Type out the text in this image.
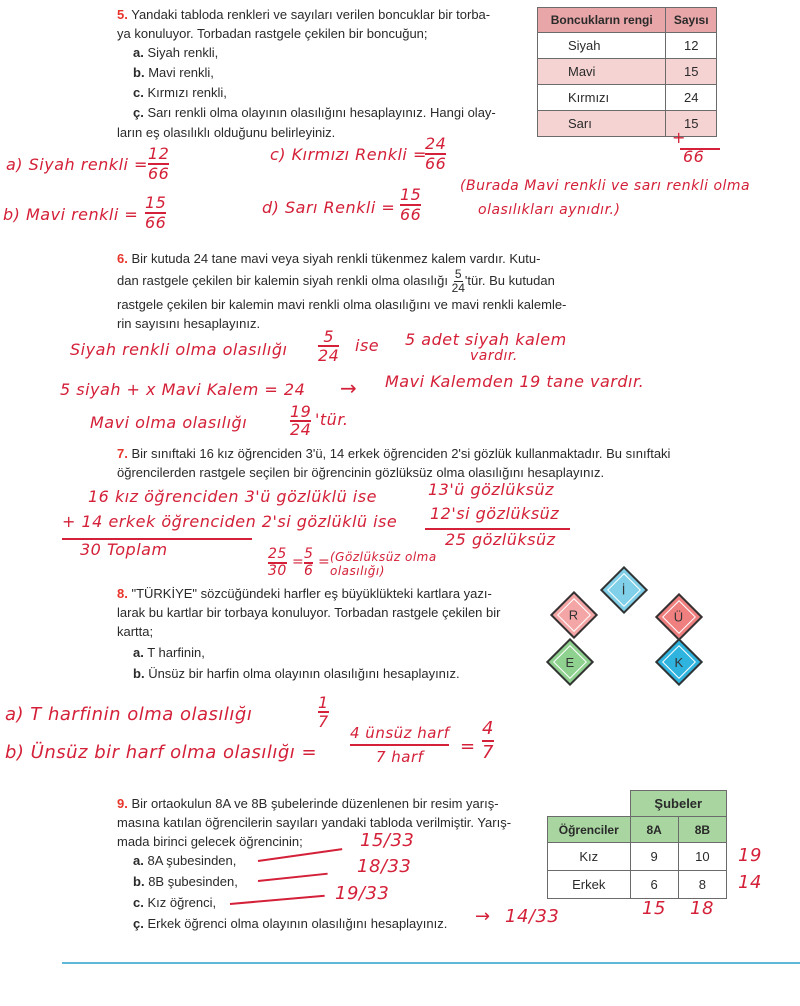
5. Yandaki tabloda renkleri ve sayıları verilen boncuklar bir torba-
ya konuluyor. Torbadan rastgele çekilen bir boncuğun;
a. Siyah renkli,
b. Mavi renkli,
c. Kırmızı renkli,
ç. Sarı renkli olma olayının olasılığını hesaplayınız. Hangi olay-
ların eş olasılıklı olduğunu belirleyiniz.
Boncukların rengi	Sayısı
Siyah	12
Mavi	15
Kırmızı	24
Sarı	15
+
66
a) Siyah renkli =
12
66
c) Kırmızı Renkli =
24
66
b) Mavi renkli =
15
66
d) Sarı Renkli =
15
66
(Burada Mavi renkli ve sarı renkli olma
olasılıkları aynıdır.)
6. Bir kutuda 24 tane mavi veya siyah renkli tükenmez kalem vardır. Kutu-
dan rastgele çekilen bir kalemin siyah renkli olma olasılığı $\frac{5}{24}$ 'tür. Bu kutudan
rastgele çekilen bir kalemin mavi renkli olma olasılığını ve mavi renkli kalemle-
rin sayısını hesaplayınız.
Siyah renkli olma olasılığı
5
24
ise 5 adet siyah kalem
vardır.
5 siyah + x Mavi Kalem = 24 → Mavi Kalemden 19 tane vardır.
Mavi olma olasılığı
19
24
'tür.
7. Bir sınıftaki 16 kız öğrenciden 3'ü, 14 erkek öğrenciden 2'si gözlük kullanmaktadır. Bu sınıftaki
öğrencilerden rastgele seçilen bir öğrencinin gözlüksüz olma olasılığını hesaplayınız.
16 kız öğrenciden 3'ü gözlüklü ise	13'ü gözlüksüz
+ 14 erkek öğrenciden 2'si gözlüklü ise 12'si gözlüksüz
30 Toplam
25 gözlüksüz
25
30
= 5
6
= (Gözlüksüz olma olasılığı)
8. "TÜRKİYE" sözcüğündeki harfler eş büyüklükteki kartlara yazı-
larak bu kartlar bir torbaya konuluyor. Torbadan rastgele çekilen bir
kartta;
a. T harfinin,
b. Ünsüz bir harfin olma olayının olasılığını hesaplayınız.
R
İ
Ü
E	K
a) T harfinin olma olasılığı
1
7
b) Ünsüz bir harf olma olasılığı =
4 ünsüz harf
7 harf	=
4
7
9. Bir ortaokulun 8A ve 8B şubelerinde düzenlenen bir resim yarış-
masına katılan öğrencilerin sayıları yandaki tabloda verilmiştir. Yarış-
mada birinci gelecek öğrencinin;
a. 8A şubesinden,
b. 8B şubesinden,
c. Kız öğrenci,
ç. Erkek öğrenci olma olayının olasılığını hesaplayınız.
	Şubeler	
Öğrenciler	8A	8B
Kız	9	10
Erkek	6	8
15/33
18/33
19/33
→ 14/33
19
14
15 18
